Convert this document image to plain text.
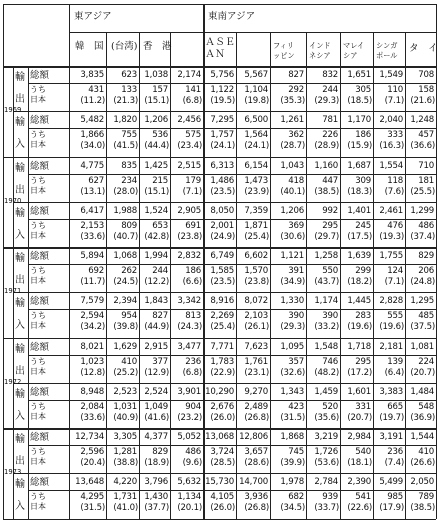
東アジア	東南アジア
韓　国 (台湾) 香　港	ＡＳＥ
ＡＮ
フィリ
ッピン
インド
ネシア
マレイ
シア
シンガ
ポール
タ　イ
1969
輸
出
総額
うち
日本
3,835
431
(11.2)
623
133
(21.3)
1,038
157
(15.1)
2,174
141
(6.8)
5,756
1,122
(19.5)
5,567
1,104
(19.8)
827
292
(35.3)
832
244
(29.3)
1,651
305
(18.5)
1,549
110
(7.1)
708
158
(21.6)
輸
入
総額
うち
日本
5,482
1,866
(34.0)
1,820
755
(41.5)
1,206
536
(44.4)
2,456
575
(23.4)
7,295
1,757
(24.1)
6,500
1,564
(24.1)
1,261
362
(28.7)
781
226
(28.9)
1,170
186
(15.9)
2,040
333
(16.3)
1,248
457
(36.6)
1970
輸
出
総額
うち
日本
4,775
627
(13.1)
835
234
(28.0)
1,425
215
(15.1)
2,515
179
(7.1)
6,313
1,486
(23.5)
6,154
1,473
(23.9)
1,043
418
(40.1)
1,160
447
(38.5)
1,687
309
(18.3)
1,554
118
(7.6)
710
181
(25.5)
輸
入
総額
うち
日本
6,417
2,153
(33.6)
1,988
809
(40.7)
1,524
653
(42.8)
2,905
691
(23.8)
8,050
2,001
(24.9)
7,359
1,871
(25.4)
1,206
369
(30.6)
992
295
(29.7)
1,401
245
(17.5)
2,461
476
(19.3)
1,299
486
(37.4)
1971
輸
出
総額
うち
日本
5,894
692
(11.7)
1,068
262
(24.5)
1,994
244
(12.2)
2,832
186
(6.6)
6,749
1,585
(23.5)
6,602
1,570
(23.8)
1,121
391
(34.9)
1,258
550
(43.7)
1,639
299
(18.2)
1,755
124
(7.1)
829
206
(24.8)
輸
入
総額
うち
日本
7,579
2,594
(34.2)
2,394
954
(39.8)
1,843
827
(44.9)
3,342
813
(24.3)
8,916
2,269
(25.4)
8,072
2,103
(26.1)
1,330
390
(29.3)
1,174
390
(33.2)
1,445
283
(19.6)
2,828
555
(19.6)
1,295
485
(37.5)
1972
輸
出
総額
うち
日本
8,021
1,023
(12.8)
1,629
410
(25.2)
2,915
377
(12.9)
3,477
236
(6.8)
7,771
1,783
(22.9)
7,623
1,761
(23.1)
1,095
357
(32.6)
1,548
746
(48.2)
1,718
295
(17.2)
2,181
139
(6.4)
1,081
224
(20.7)
輸
入
総額
うち
日本
8,948
2,084
(33.6)
2,523
1,031
(40.9)
2,524
1,049
(41.6)
3,901
904
(23.2)
10,290
2,676
(26.0)
9,270
2,489
(26.8)
1,343
423
(31.5)
1,459
520
(35.6)
1,601
331
(20.7)
3,383
665
(19.7)
1,484
548
(36.9)
1973
輸
出
総額
うち
日本
12,734
2,596
(20.4)
3,305
1,281
(38.8)
4,377
829
(18.9)
5,052
486
(9.6)
13,068
3,724
(28.5)
12,806
3,657
(28.6)
1,868
745
(39.9)
3,219
1,726
(53.6)
2,984
540
(18.1)
3,191
236
(7.4)
1,544
410
(26.6)
輸
入
総額
うち
日本
13,648
4,295
(31.5)
4,220
1,731
(41.0)
3,796
1,430
(37.7)
5,632
1,134
(20.1)
15,730
4,105
(26.0)
14,700
3,936
(26.8)
1,978
682
(34.5)
2,784
939
(33.7)
2,390
541
(22.6)
5,499
985
(17.9)
2,050
789
(38.5)
